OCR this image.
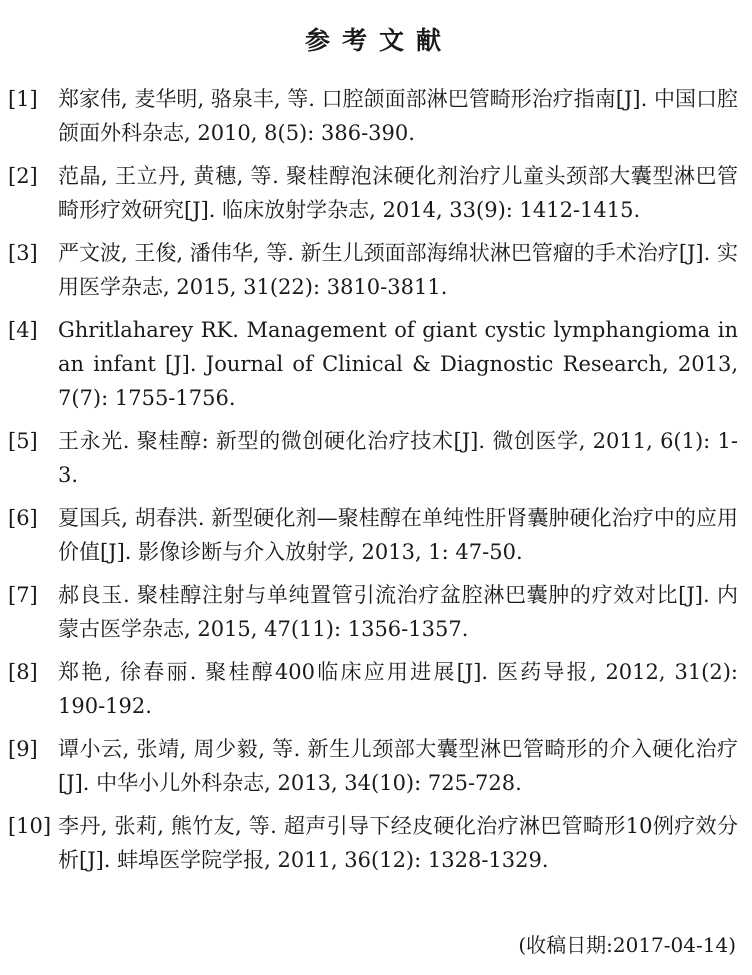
参考文献
[1] 郑家伟, 麦华明, 骆泉丰, 等. 口腔颌面部淋巴管畸形治疗指南[J]. 中国口腔颌面外科杂志, 2010, 8(5): 386-390.
[2] 范晶, 王立丹, 黄穗, 等. 聚桂醇泡沫硬化剂治疗儿童头颈部大囊型淋巴管畸形疗效研究[J]. 临床放射学杂志, 2014, 33(9): 1412-1415.
[3] 严文波, 王俊, 潘伟华, 等. 新生儿颈面部海绵状淋巴管瘤的手术治疗[J]. 实用医学杂志, 2015, 31(22): 3810-3811.
[4] Ghritlaharey RK. Management of giant cystic lymphangioma in an infant [J]. Journal of Clinical & Diagnostic Research, 2013, 7(7): 1755-1756.
[5] 王永光. 聚桂醇: 新型的微创硬化治疗技术[J]. 微创医学, 2011, 6(1): 1-3.
[6] 夏国兵, 胡春洪. 新型硬化剂—聚桂醇在单纯性肝肾囊肿硬化治疗中的应用价值[J]. 影像诊断与介入放射学, 2013, 1: 47-50.
[7] 郝良玉. 聚桂醇注射与单纯置管引流治疗盆腔淋巴囊肿的疗效对比[J]. 内蒙古医学杂志, 2015, 47(11): 1356-1357.
[8] 郑艳, 徐春丽. 聚桂醇400临床应用进展[J]. 医药导报, 2012, 31(2): 190-192.
[9] 谭小云, 张靖, 周少毅, 等. 新生儿颈部大囊型淋巴管畸形的介入硬化治疗[J]. 中华小儿外科杂志, 2013, 34(10): 725-728.
[10] 李丹, 张莉, 熊竹友, 等. 超声引导下经皮硬化治疗淋巴管畸形10例疗效分析[J]. 蚌埠医学院学报, 2011, 36(12): 1328-1329.
(收稿日期:2017-04-14)
